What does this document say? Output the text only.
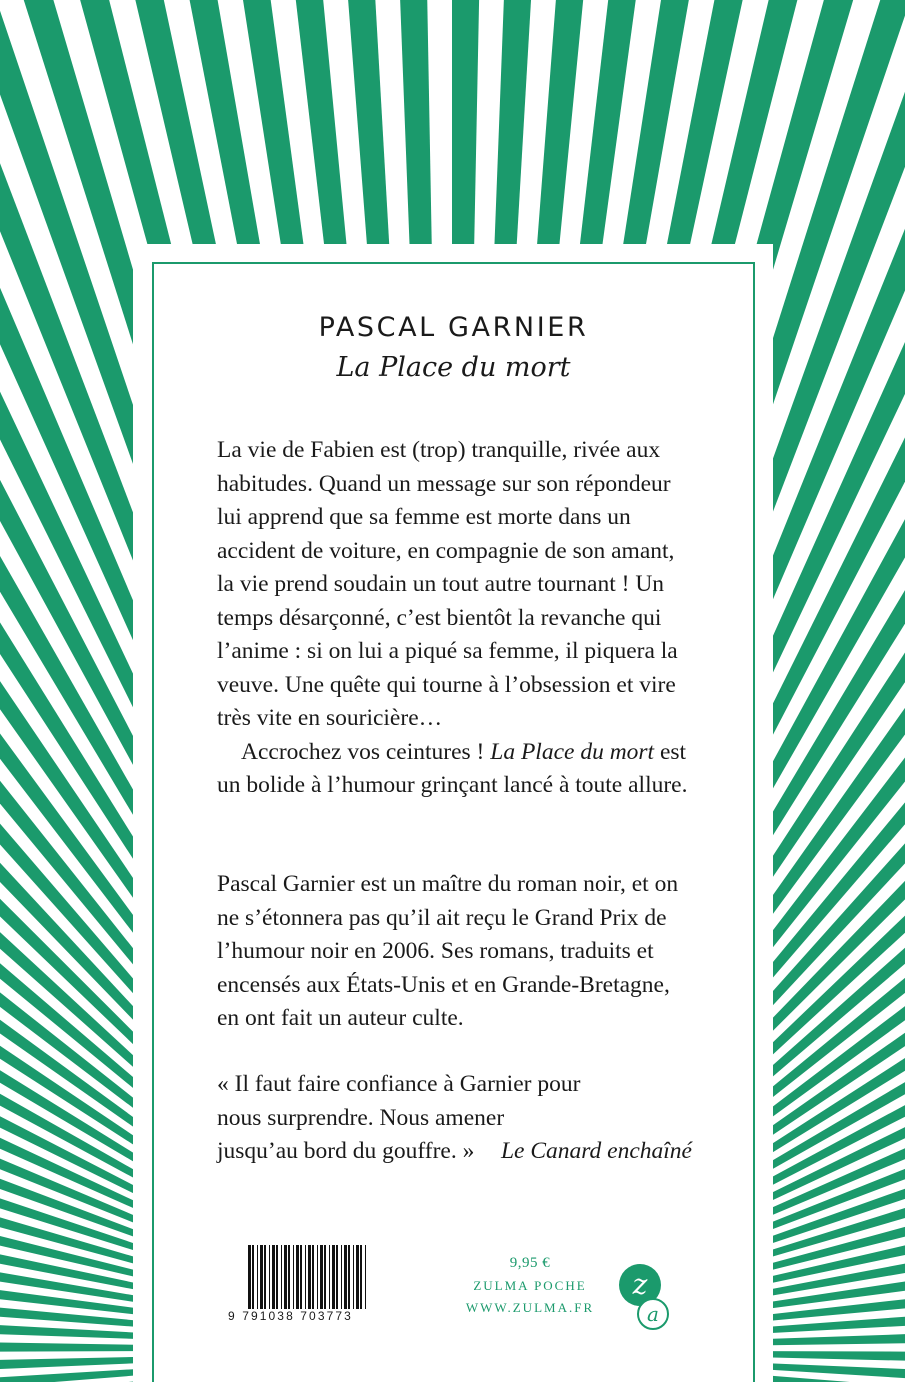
PASCAL GARNIER
La Place du mort

La vie de Fabien est (trop) tranquille, rivée aux habitudes. Quand un message sur son répondeur lui apprend que sa femme est morte dans un accident de voiture, en compagnie de son amant, la vie prend soudain un tout autre tournant ! Un temps désarçonné, c’est bientôt la revanche qui l’anime : si on lui a piqué sa femme, il piquera la veuve. Une quête qui tourne à l’obsession et vire très vite en souricière…

Accrochez vos ceintures ! La Place du mort est un bolide à l’humour grinçant lancé à toute allure.

Pascal Garnier est un maître du roman noir, et on ne s’étonnera pas qu’il ait reçu le Grand Prix de l’humour noir en 2006. Ses romans, traduits et encensés aux États-Unis et en Grande-Bretagne, en ont fait un auteur culte.

« Il faut faire confiance à Garnier pour nous surprendre. Nous amener jusqu’au bord du gouffre. »	Le Canard enchaîné

9 791038 703773
9,95 €
ZULMA POCHE
WWW.ZULMA.FR
z
a
